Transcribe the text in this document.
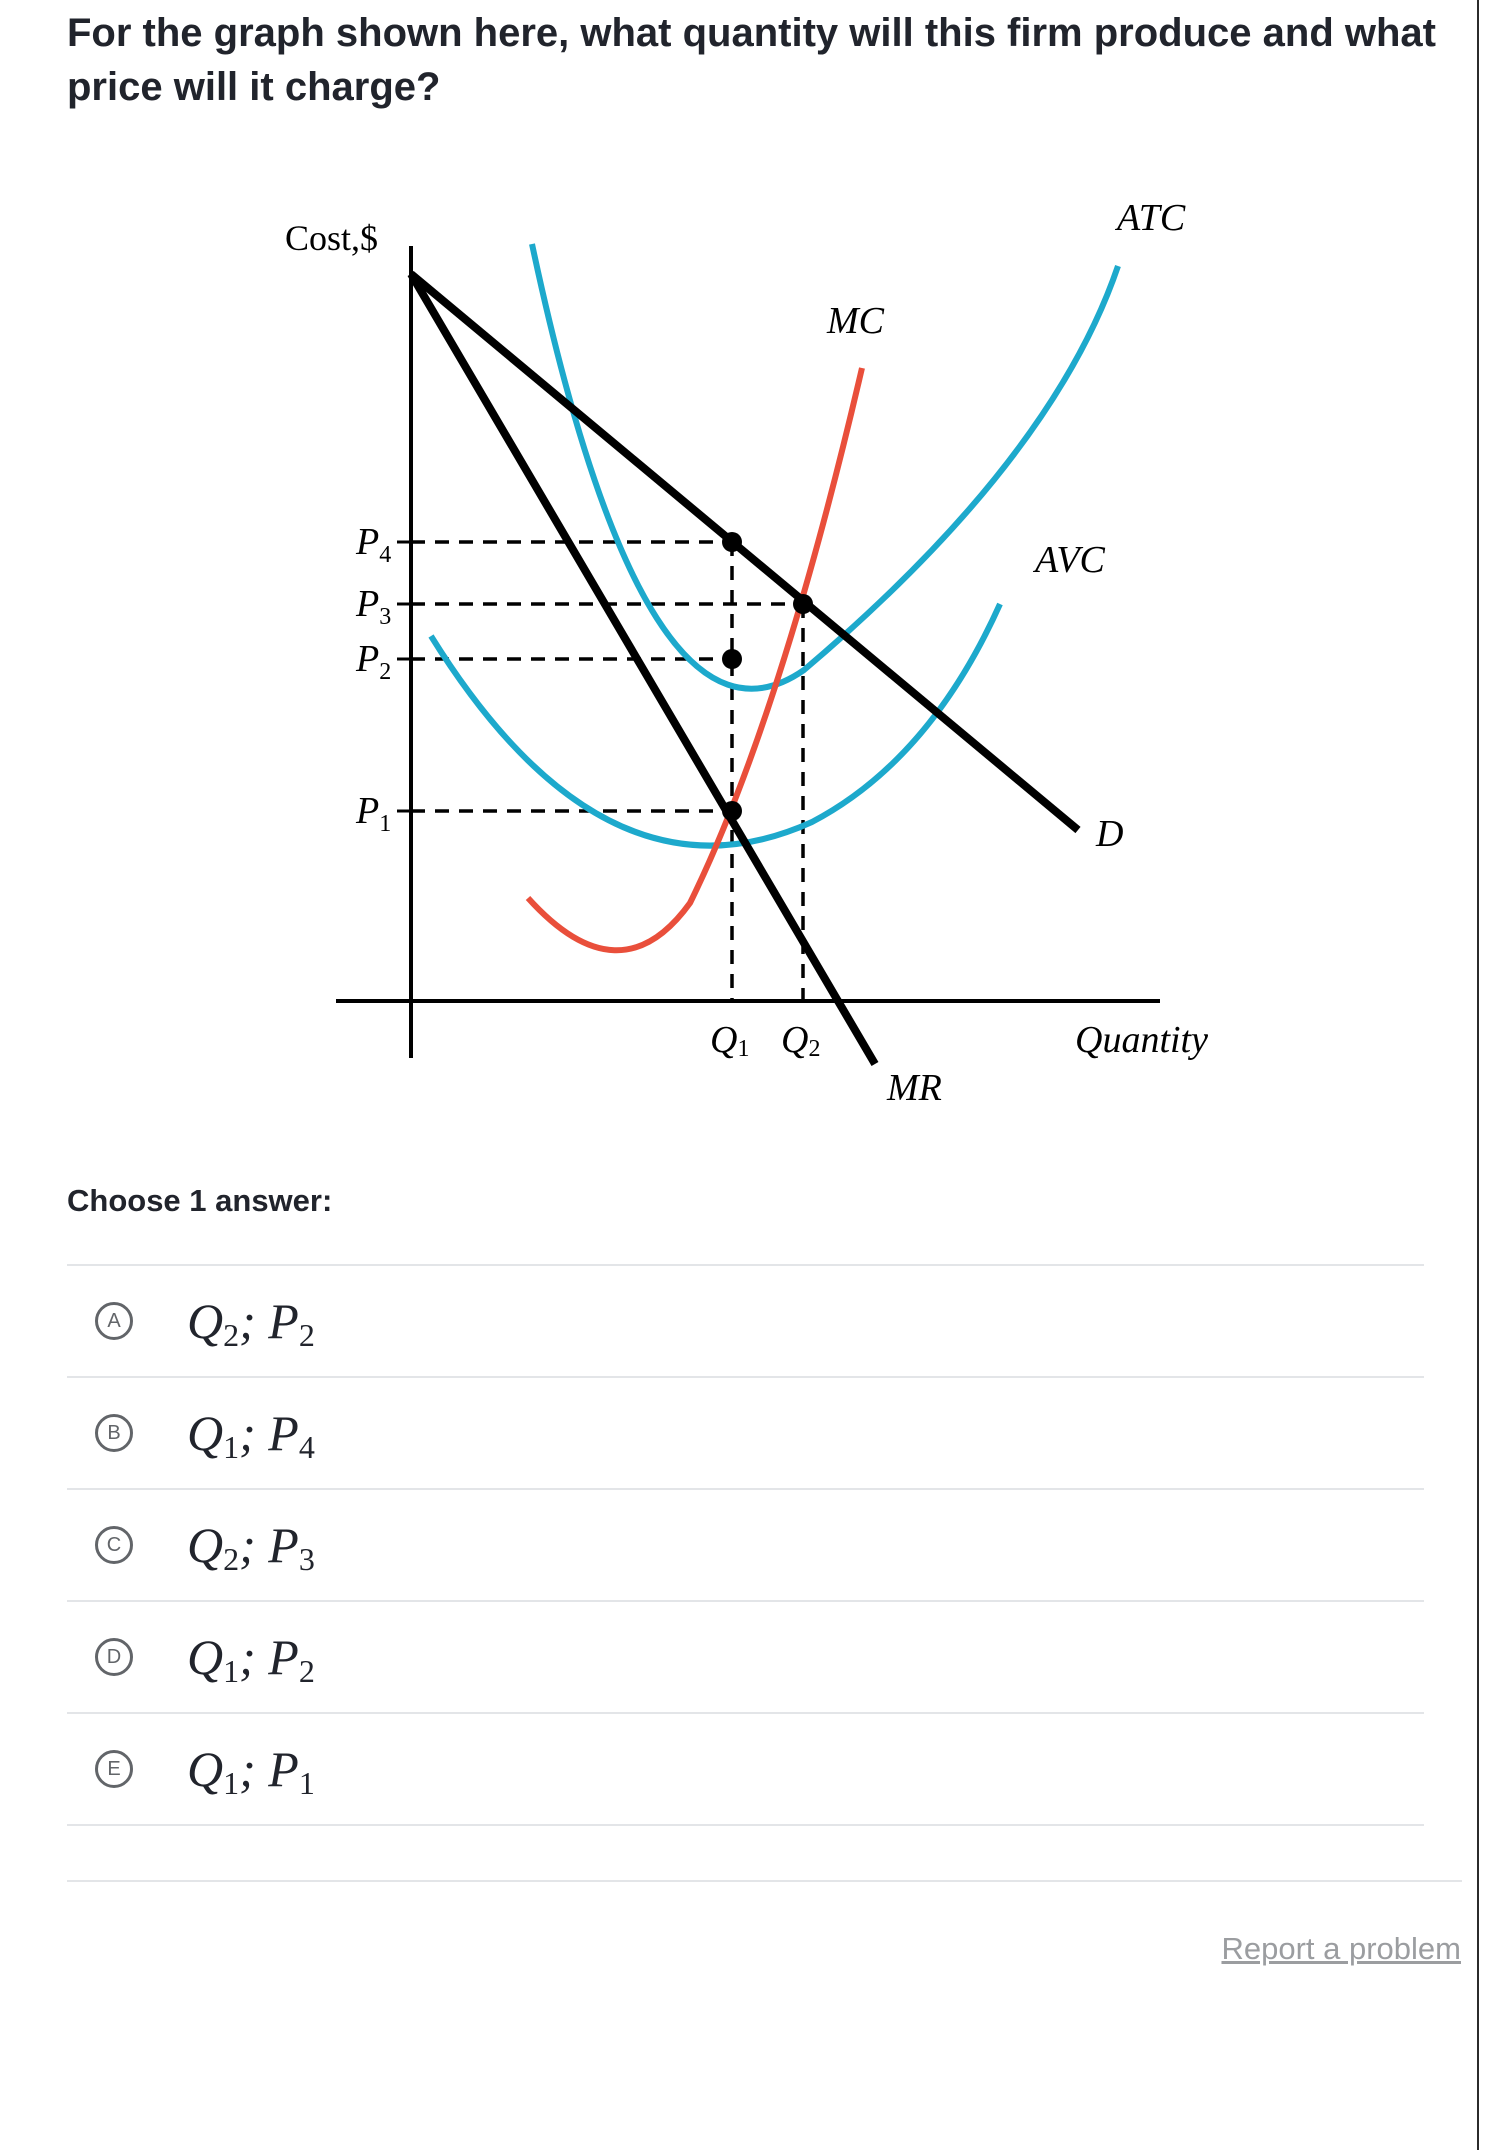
For the graph shown here, what quantity will this firm produce and what price will it charge?
Cost,$
Quantity
ATC
MC
AVC
D
MR
$P_4$
$P_3$
$P_2$
$P_1$
Q1 Q2

Choose 1 answer:

A $Q_2$; $P_2$
B $Q_1$; $P_4$
C $Q_2$; $P_3$
D $Q_1$; $P_2$
E $Q_1$; $P_1$
Report a problem
